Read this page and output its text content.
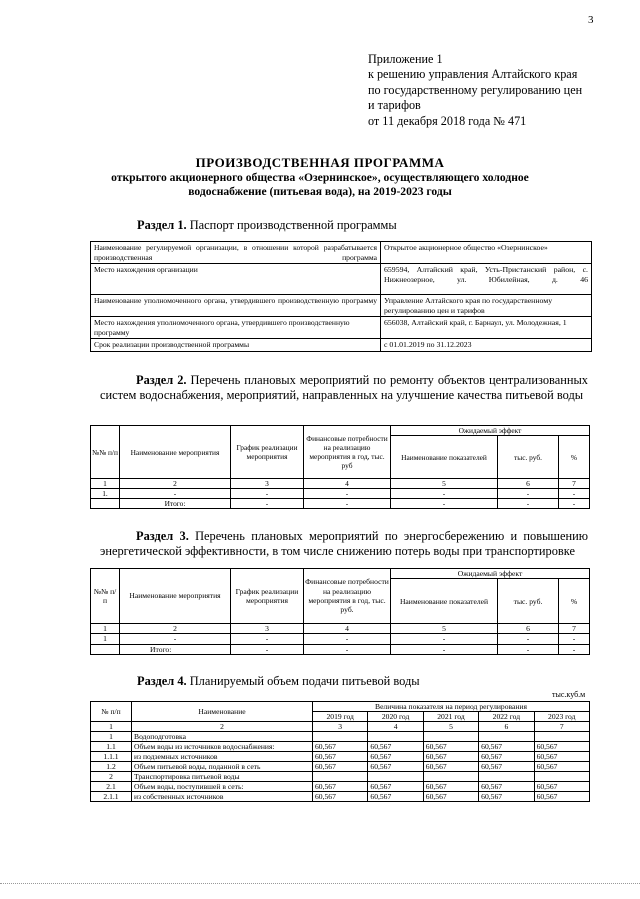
3
Приложение 1
к решению управления Алтайского края
по государственному регулированию цен
и тарифов
от 11 декабря 2018 года № 471
ПРОИЗВОДСТВЕННАЯ ПРОГРАММА
открытого акционерного общества «Озернинское», осуществляющего холодное
водоснабжение (питьевая вода), на 2019-2023 годы
Раздел 1. Паспорт производственной программы
Наименование регулируемой организации, в отношении которой разрабатывается производственная программа	Открытое акционерное общество «Озернинское»
Место нахождения организации	659594, Алтайский край, Усть-Пристанский район, с. Нижнеозерное, ул. Юбилейная, д. 46
Наименование уполномоченного органа, утвердившего производственную программу	Управление Алтайского края по государственному регулированию цен и тарифов
Место нахождения уполномоченного органа, утвердившего производственную программу	656038, Алтайский край, г. Барнаул, ул. Молодежная, 1
Срок реализации производственной программы	с 01.01.2019 по 31.12.2023
Раздел 2. Перечень плановых мероприятий по ремонту объектов централизованных систем водоснабжения, мероприятий, направленных на улучшение качества питьевой воды
№№ п/п	Наименование мероприятия	График реализации мероприятия	Финансовые потребности на реализацию мероприятия в год, тыс. руб	Ожидаемый эффект		
				Наименование показателей	тыс. руб.	%
1	2	3	4	5	6	7
1.	-	-	-	-	-	-
	Итого:	-	-	-	-	-
Раздел 3. Перечень плановых мероприятий по энергосбережению и повышению энергетической эффективности, в том числе снижению потерь воды при транспортировке
№№ п/п	Наименование мероприятия	График реализации мероприятия	Финансовые потребности на реализацию мероприятия в год, тыс. руб.	Ожидаемый эффект		
				Наименование показателей	тыс. руб.	%
1	2	3	4	5	6	7
1	-	-	-	-	-	-
	Итого:	-	-	-	-	-
Раздел 4. Планируемый объем подачи питьевой воды
тыс.куб.м
№ п/п	Наименование	Величина показателя на период регулирования				
		2019 год	2020 год	2021 год	2022 год	2023 год
1	2	3	4	5	6	7
1	Водоподготовка					
1.1	Объем воды из источников водоснабжения:	60,567	60,567	60,567	60,567	60,567
1.1.1	из подземных источников	60,567	60,567	60,567	60,567	60,567
1.2	Объем питьевой воды, поданной в сеть	60,567	60,567	60,567	60,567	60,567
2	Транспортировка питьевой воды					
2.1	Объем воды, поступившей в сеть:	60,567	60,567	60,567	60,567	60,567
2.1.1	из собственных источников	60,567	60,567	60,567	60,567	60,567
